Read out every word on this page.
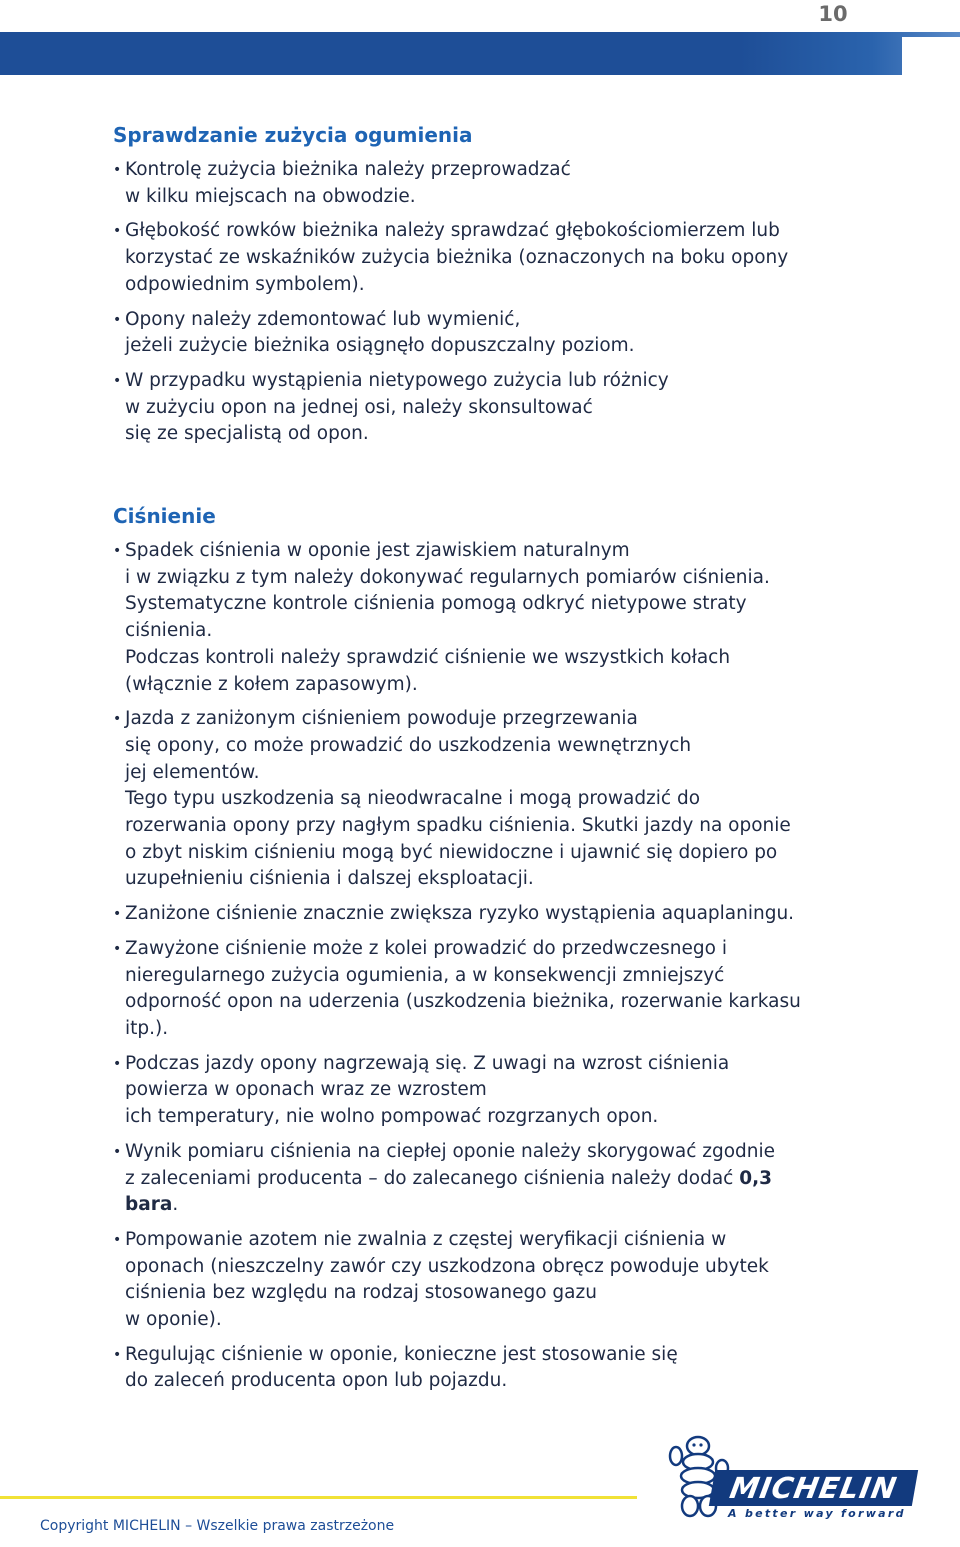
10
Sprawdzanie zużycia ogumienia
• Kontrolę zużycia bieżnika należy przeprowadzać
w kilku miejscach na obwodzie.
• Głębokość rowków bieżnika należy sprawdzać głębokościomierzem lub
korzystać ze wskaźników zużycia bieżnika (oznaczonych na boku opony
odpowiednim symbolem).
• Opony należy zdemontować lub wymienić,
jeżeli zużycie bieżnika osiągnęło dopuszczalny poziom.
• W przypadku wystąpienia nietypowego zużycia lub różnicy
w zużyciu opon na jednej osi, należy skonsultować
się ze specjalistą od opon.
Ciśnienie
• Spadek ciśnienia w oponie jest zjawiskiem naturalnym
i w związku z tym należy dokonywać regularnych pomiarów ciśnienia.
Systematyczne kontrole ciśnienia pomogą odkryć nietypowe straty
ciśnienia.
Podczas kontroli należy sprawdzić ciśnienie we wszystkich kołach
(włącznie z kołem zapasowym).
• Jazda z zaniżonym ciśnieniem powoduje przegrzewania
się opony, co może prowadzić do uszkodzenia wewnętrznych
jej elementów.
Tego typu uszkodzenia są nieodwracalne i mogą prowadzić do
rozerwania opony przy nagłym spadku ciśnienia. Skutki jazdy na oponie
o zbyt niskim ciśnieniu mogą być niewidoczne i ujawnić się dopiero po
uzupełnieniu ciśnienia i dalszej eksploatacji.
• Zaniżone ciśnienie znacznie zwiększa ryzyko wystąpienia aquaplaningu.
• Zawyżone ciśnienie może z kolei prowadzić do przedwczesnego i
nieregularnego zużycia ogumienia, a w konsekwencji zmniejszyć
odporność opon na uderzenia (uszkodzenia bieżnika, rozerwanie karkasu
itp.).
• Podczas jazdy opony nagrzewają się. Z uwagi na wzrost ciśnienia
powierza w oponach wraz ze wzrostem
ich temperatury, nie wolno pompować rozgrzanych opon.
• Wynik pomiaru ciśnienia na ciepłej oponie należy skorygować zgodnie
z zaleceniami producenta – do zalecanego ciśnienia należy dodać 0,3
bara.
• Pompowanie azotem nie zwalnia z częstej weryfikacji ciśnienia w
oponach (nieszczelny zawór czy uszkodzona obręcz powoduje ubytek
ciśnienia bez względu na rodzaj stosowanego gazu
w oponie).
• Regulując ciśnienie w oponie, konieczne jest stosowanie się
do zaleceń producenta opon lub pojazdu.
Copyright MICHELIN – Wszelkie prawa zastrzeżone
MICHELIN
A better way forward
